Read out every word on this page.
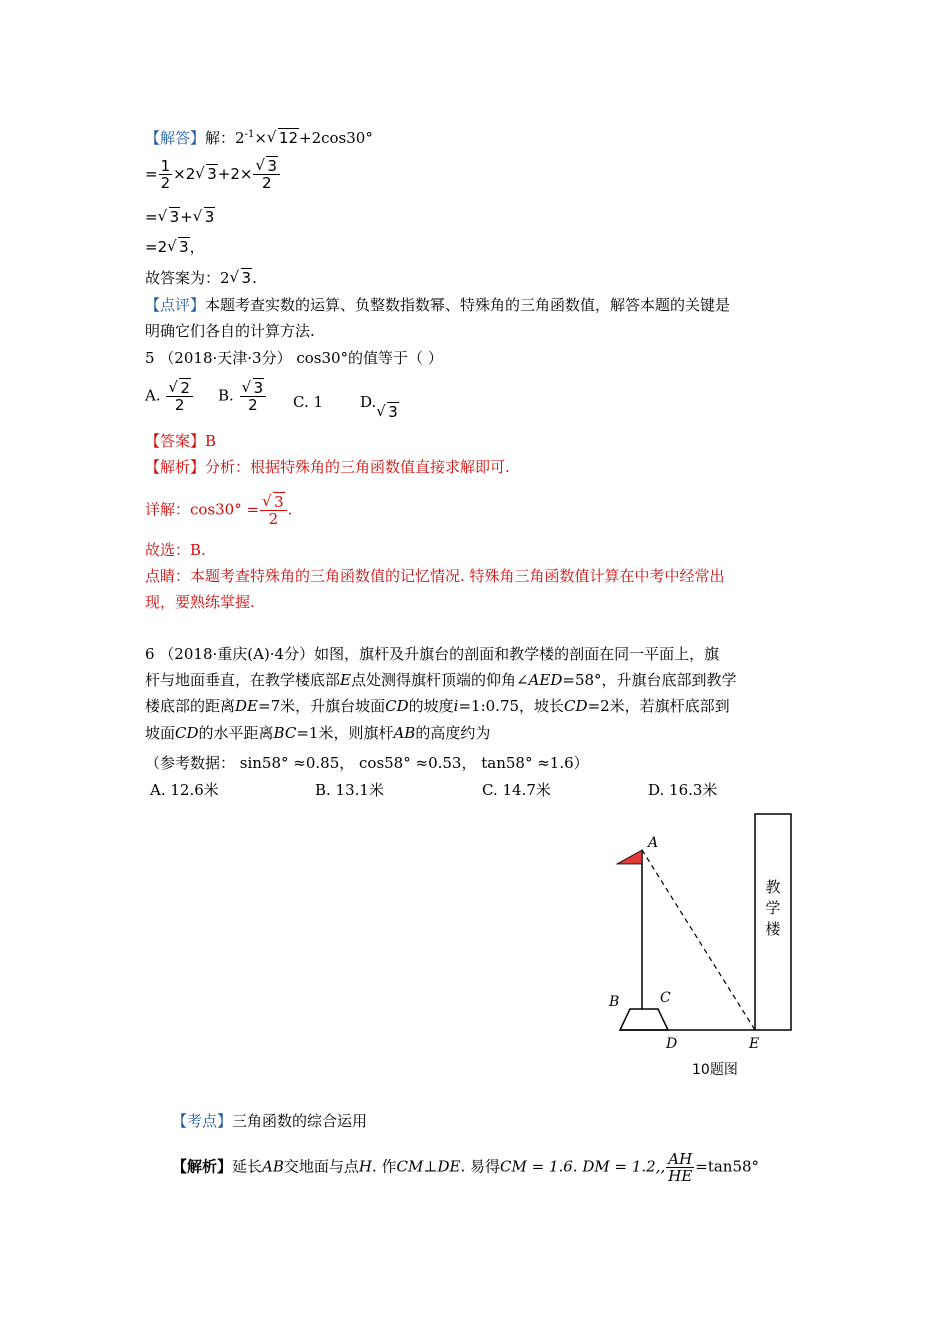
【解答】解：$2^{-1}\times√$ 12+2cos30°
= $\frac{1}{2} \times 2√$ 3+2×
√ $\frac{3}{2}$
=√ 3+√ 3
=2√ 3，
故答案为：2√ 3.
【点评】本题考查实数的运算、负整数指数幂、特殊角的三角函数值，解答本题的关键是
明确它们各自的计算方法.
5 （2018·天津·3分） cos30°的值等于（ ）
A.
√ $\frac{2}{2} B$.
√ $\frac{3}{2} C$. 1 D.√ 3
【答案】B
【解析】分析：根据特殊角的三角函数值直接求解即可.
详解：cos30° =
√ $\frac{3}{2}$ .
故选：B.
点睛：本题考查特殊角的三角函数值的记忆情况. 特殊角三角函数值计算在中考中经常出
现，要熟练掌握.
6 （2018·重庆(A)·4分）如图，旗杆及升旗台的剖面和教学楼的剖面在同一平面上，旗
杆与地面垂直，在教学楼底部E点处测得旗杆顶端的仰角∠AED=58°，升旗台底部到教学
楼底部的距离DE=7米，升旗台坡面CD的坡度i=1:0.75，坡长CD=2米，若旗杆底部到
坡面CD的水平距离BC=1米，则旗杆AB的高度约为
（参考数据： sin58° ≈0.85， cos58° ≈0.53， tan58° ≈1.6）
A. 12.6米	B. 13.1米	C. 14.7米	D. 16.3米
教
学
楼
A
B	C
D	E
10题图
【考点】三角函数的综合运用
【解析】延长AB交地面与点H. 作CM⊥DE. 易得CM = 1.6. DM = 1.2,, $\frac{AH}{HE} =\tan 58^\circ$
